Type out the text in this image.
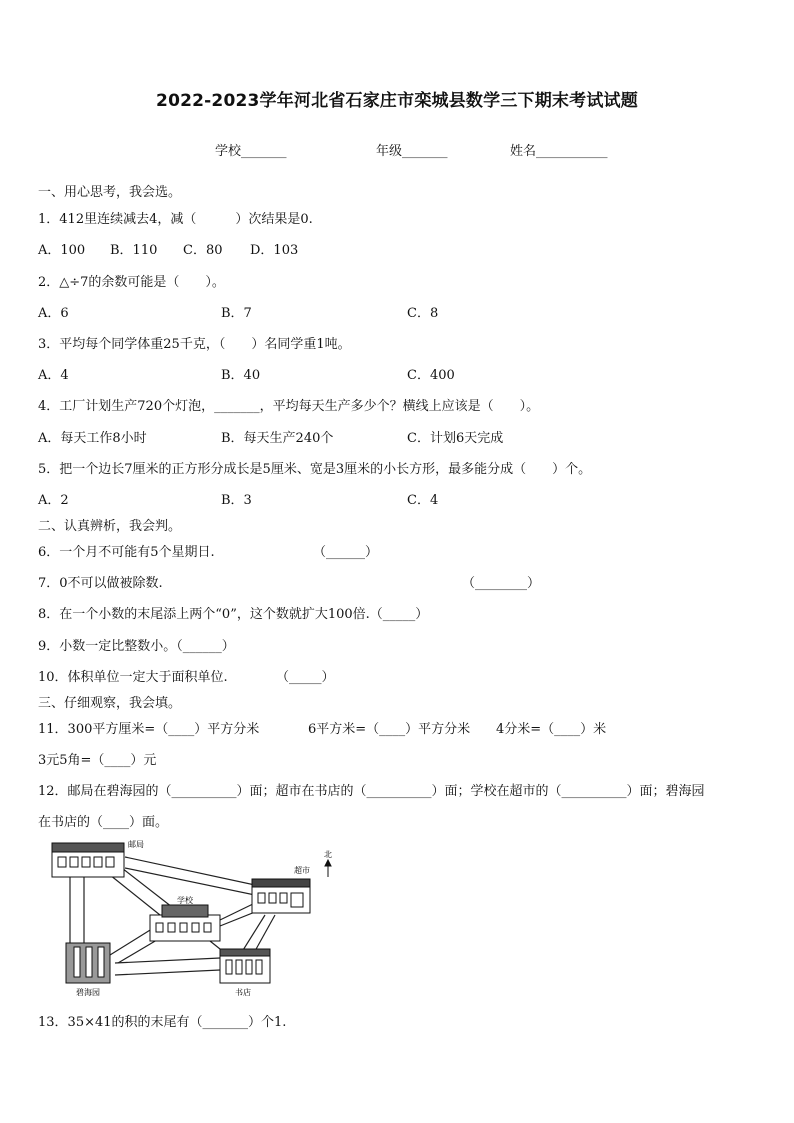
2022-2023学年河北省石家庄市栾城县数学三下期末考试试题
学校_______	年级_______	姓名___________
一、用心思考，我会选。
1．412里连续减去4，减（　　　）次结果是0.
A．100 B．110 C．80 D．103
2．△÷7的余数可能是（　　）。
A．6	B．7	C．8
3．平均每个同学体重25千克，（　　）名同学重1吨。
A．4	B．40	C．400
4．工厂计划生产720个灯泡，_______，平均每天生产多少个？横线上应该是（　　）。
A．每天工作8小时	B．每天生产240个	C．计划6天完成
5．把一个边长7厘米的正方形分成长是5厘米、宽是3厘米的小长方形，最多能分成（　　）个。
A．2	B．3	C．4
二、认真辨析，我会判。
6．一个月不可能有5个星期日.	（______）
7．0不可以做被除数.	（________）
8．在一个小数的末尾添上两个“0”，这个数就扩大100倍.（_____）
9．小数一定比整数小。（______）
10．体积单位一定大于面积单位.	（_____）
三、仔细观察，我会填。
11．300平方厘米=（____）平方分米	6平方米=（____）平方分米 4分米=（____）米
3元5角=（____）元
12．邮局在碧海园的（__________）面；超市在书店的（__________）面；学校在超市的（__________）面；碧海园
在书店的（____）面。
邮局
超市
北
学校
碧海园	书店
13．35×41的积的末尾有（_______）个1.
